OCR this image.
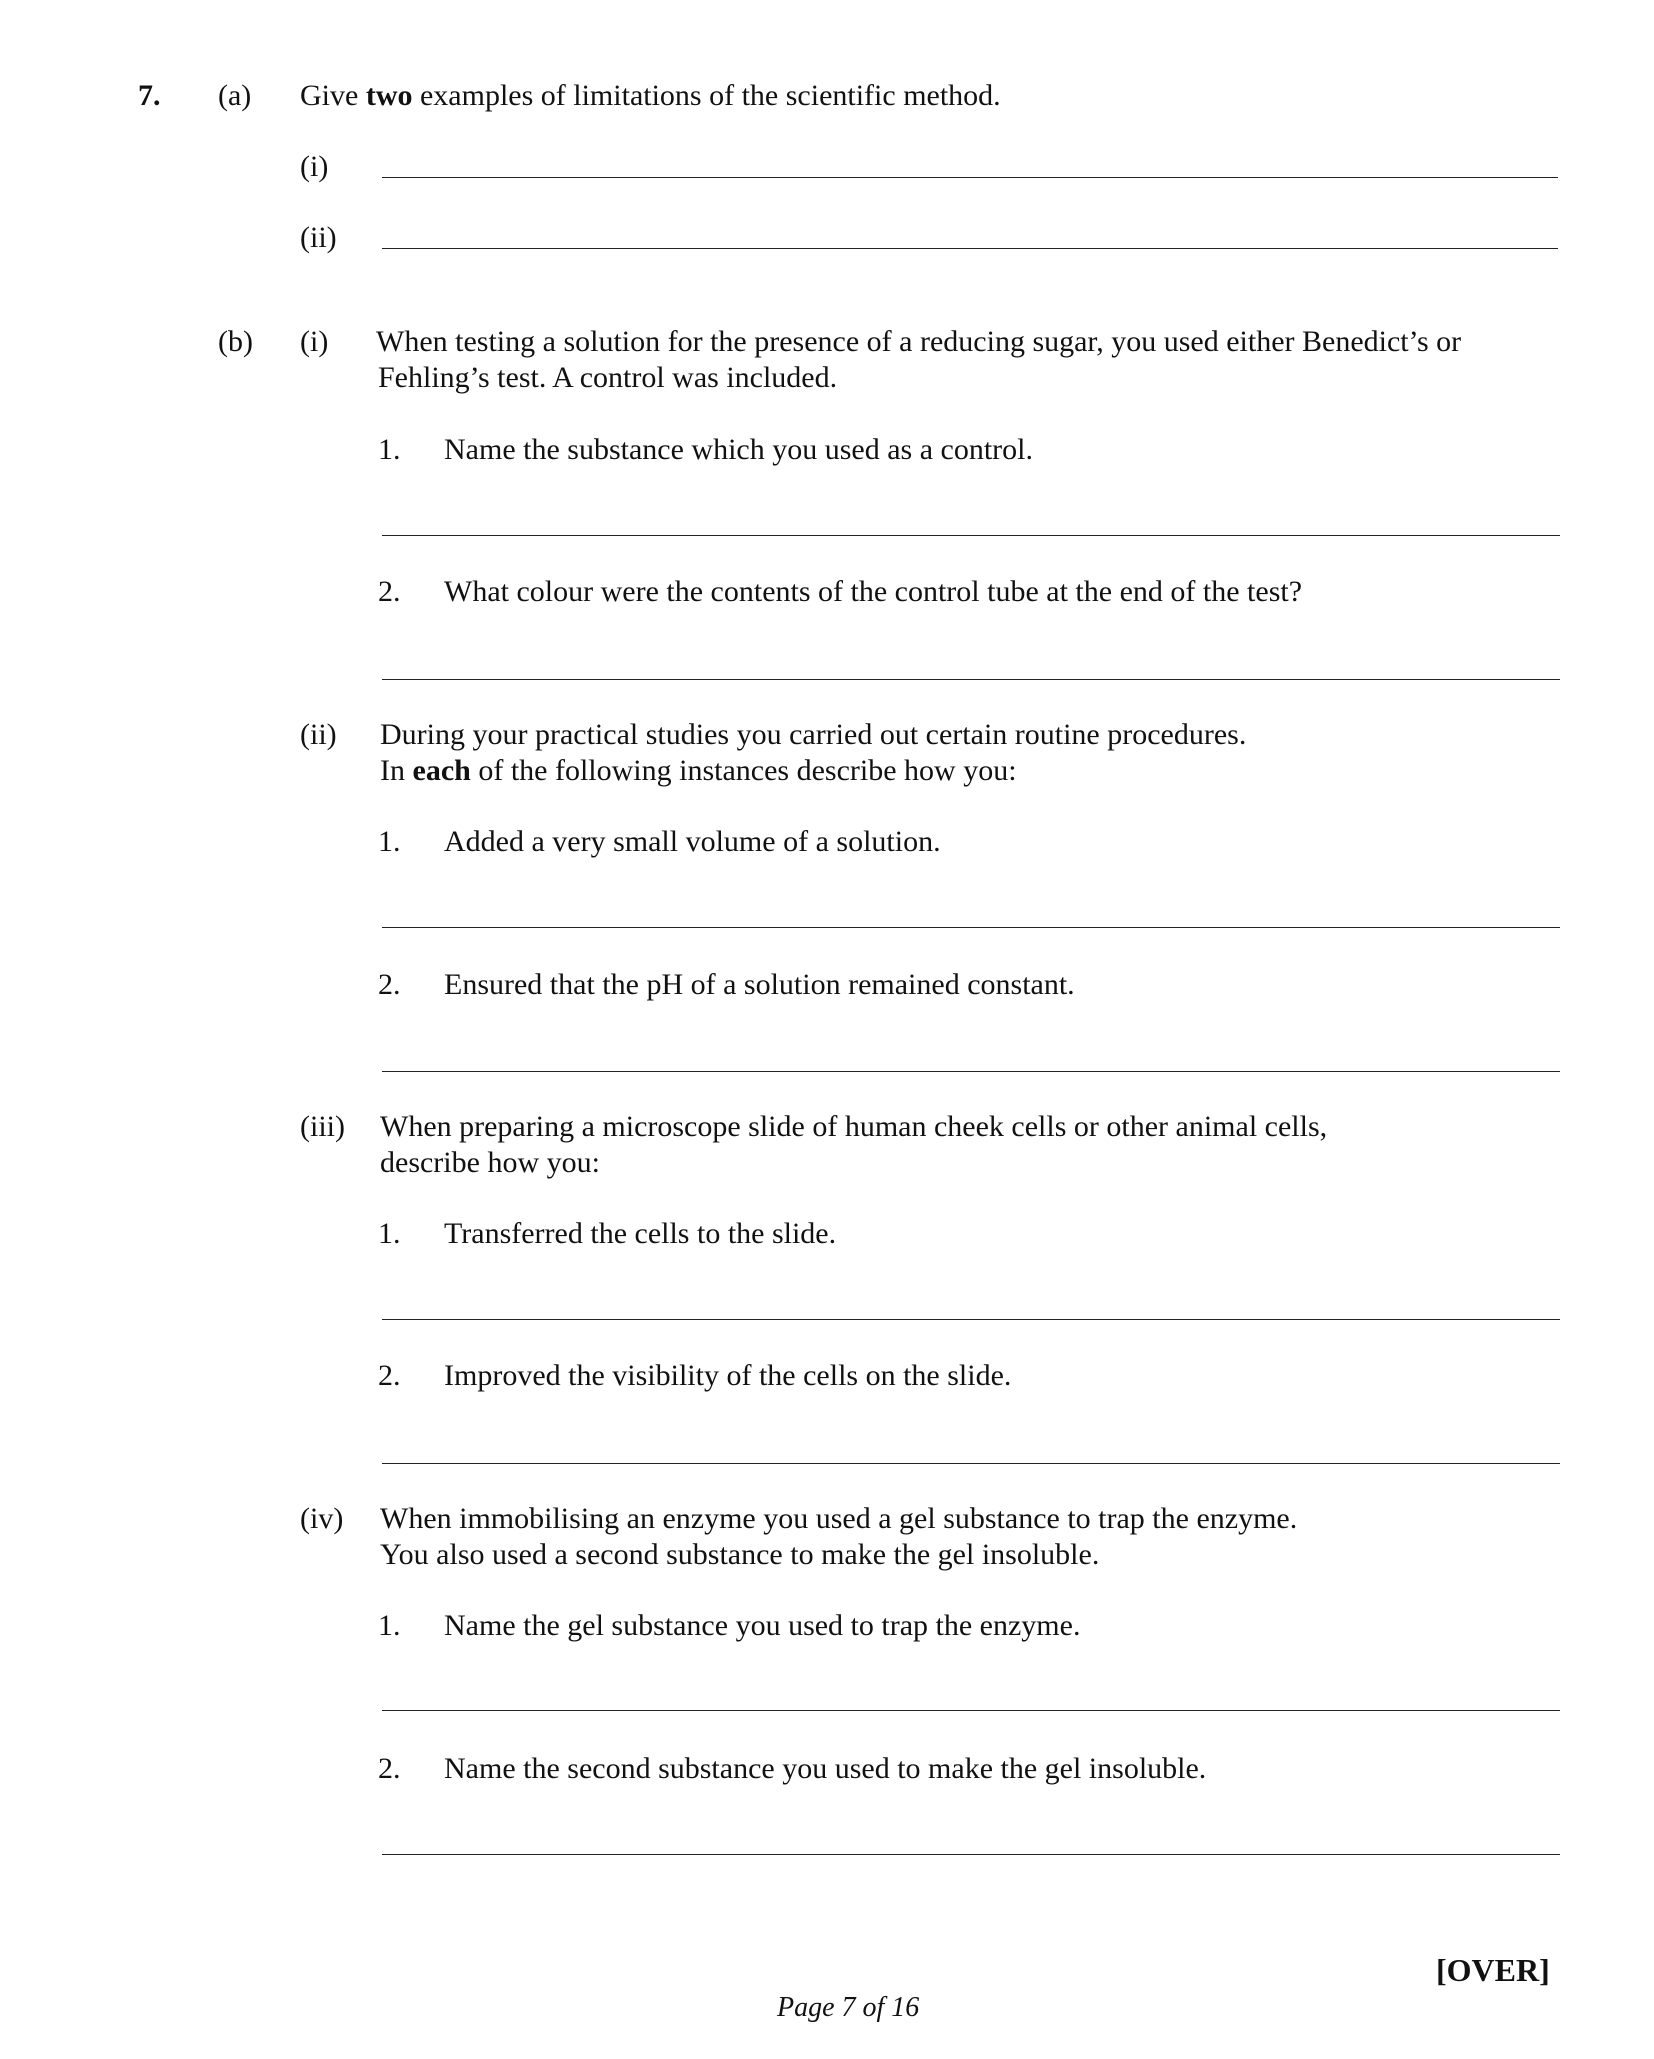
7. (a) Give two examples of limitations of the scientific method.
(i)
(ii)
(b) (i) When testing a solution for the presence of a reducing sugar, you used either Benedict’s or
Fehling’s test. A control was included.
1. Name the substance which you used as a control.
2. What colour were the contents of the control tube at the end of the test?
(ii) During your practical studies you carried out certain routine procedures.
In each of the following instances describe how you:
1. Added a very small volume of a solution.
2. Ensured that the pH of a solution remained constant.
(iii) When preparing a microscope slide of human cheek cells or other animal cells,
describe how you:
1. Transferred the cells to the slide.
2. Improved the visibility of the cells on the slide.
(iv) When immobilising an enzyme you used a gel substance to trap the enzyme.
You also used a second substance to make the gel insoluble.
1. Name the gel substance you used to trap the enzyme.
2. Name the second substance you used to make the gel insoluble.
[OVER]
Page 7 of 16
